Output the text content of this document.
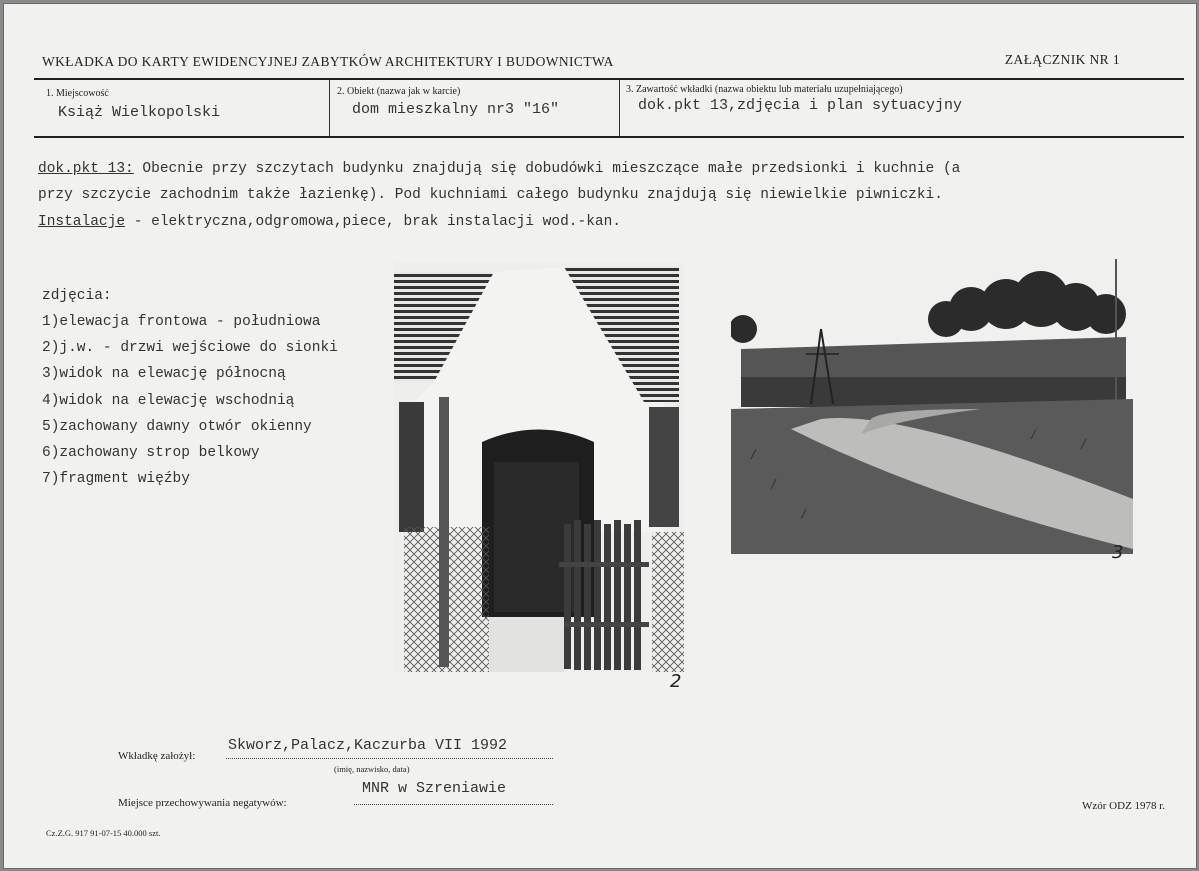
WKŁADKA DO KARTY EWIDENCYJNEJ ZABYTKÓW ARCHITEKTURY I BUDOWNICTWA	ZAŁĄCZNIK NR 1
1. Miejscowość
Książ Wielkopolski
2. Obiekt (nazwa jak w karcie)
dom mieszkalny nr3 "16"
3. Zawartość wkładki (nazwa obiektu lub materiału uzupełniającego)
dok.pkt 13,zdjęcia i plan sytuacyjny
dok.pkt 13: Obecnie przy szczytach budynku znajdują się dobudówki mieszczące małe przedsionki i kuchnie (a
przy szczycie zachodnim także łazienkę). Pod kuchniami całego budynku znajdują się niewielkie piwniczki.
Instalacje - elektryczna,odgromowa,piece, brak instalacji wod.-kan.
zdjęcia:
1)elewacja frontowa - południowa
2)j.w. - drzwi wejściowe do sionki
3)widok na elewację północną
4)widok na elewację wschodnią
5)zachowany dawny otwór okienny
6)zachowany strop belkowy
7)fragment więźby
2
3
Wkładkę założył:
Skworz,Palacz,Kaczurba VII 1992
(imię, nazwisko, data)
Miejsce przechowywania negatywów:
MNR w Szreniawie
Wzór ODZ 1978 r.
Cz.Z.G. 917 91-07-15 40.000 szt.
